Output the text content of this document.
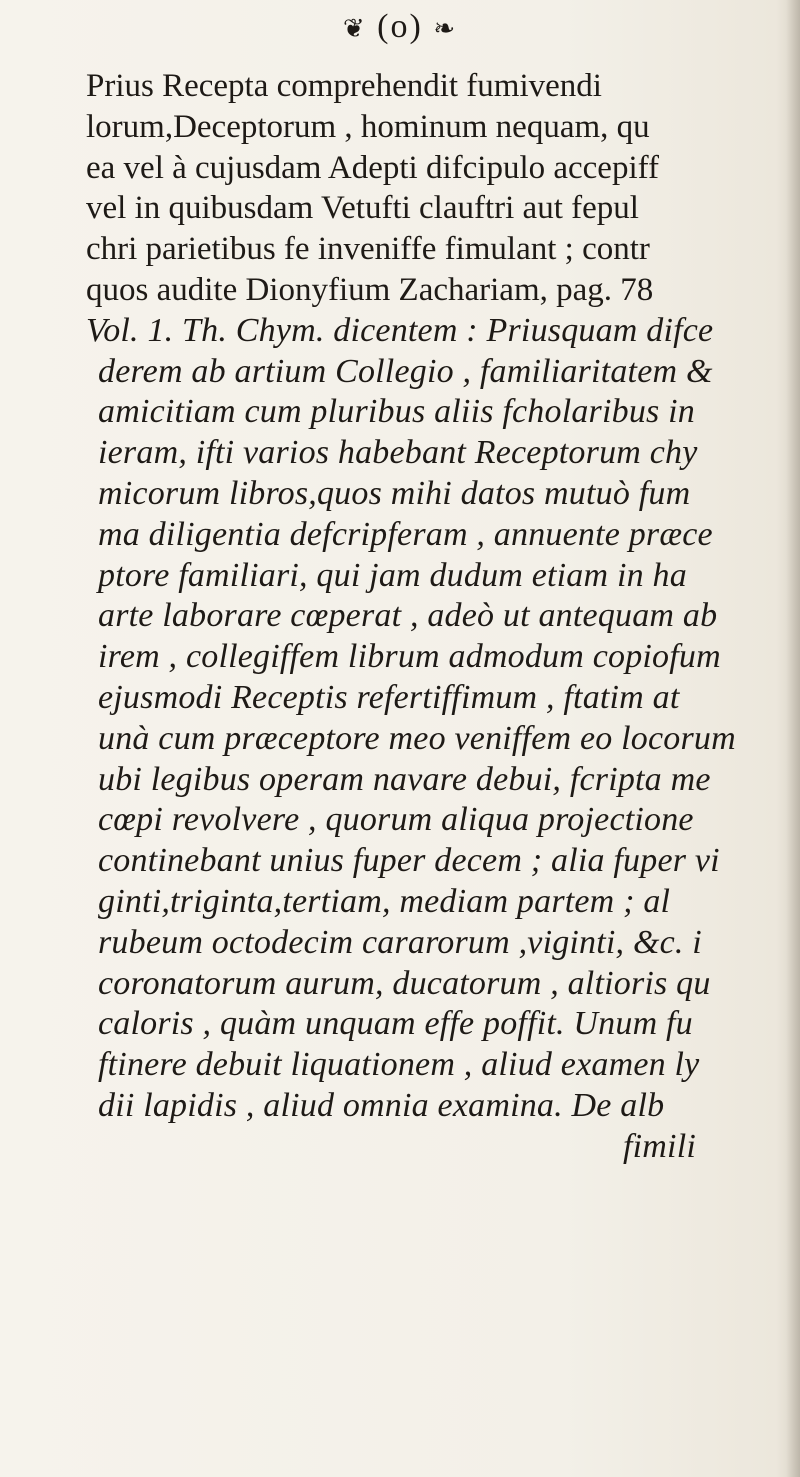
❦ (o) ❧
Prius Recepta comprehendit fumivendi
lorum,Deceptorum , hominum nequam, qu
ea vel à cujusdam Adepti difcipulo accepiff
vel in quibusdam Vetufti clauftri aut fepul
chri parietibus fe inveniffe fimulant ; contr
quos audite Dionyfium Zachariam, pag. 78
Vol. 1. Th. Chym. dicentem : Priusquam difce
derem ab artium Collegio , familiaritatem &
amicitiam cum pluribus aliis fcholaribus in
ieram, ifti varios habebant Receptorum chy
micorum libros,quos mihi datos mutuò fum
ma diligentia defcripferam , annuente præce
ptore familiari, qui jam dudum etiam in ha
arte laborare cœperat , adeò ut antequam ab
irem , collegiffem librum admodum copiofum
ejusmodi Receptis refertiffimum , ftatim at
unà cum præceptore meo veniffem eo locorum
ubi legibus operam navare debui, fcripta me
cœpi revolvere , quorum aliqua projectione
continebant unius fuper decem ; alia fuper vi
ginti,triginta,tertiam, mediam partem ; al
rubeum octodecim cararorum ,viginti, &c. i
coronatorum aurum, ducatorum , altioris qu
caloris , quàm unquam effe poffit. Unum fu
ftinere debuit liquationem , aliud examen ly
dii lapidis , aliud omnia examina. De alb
fimili
